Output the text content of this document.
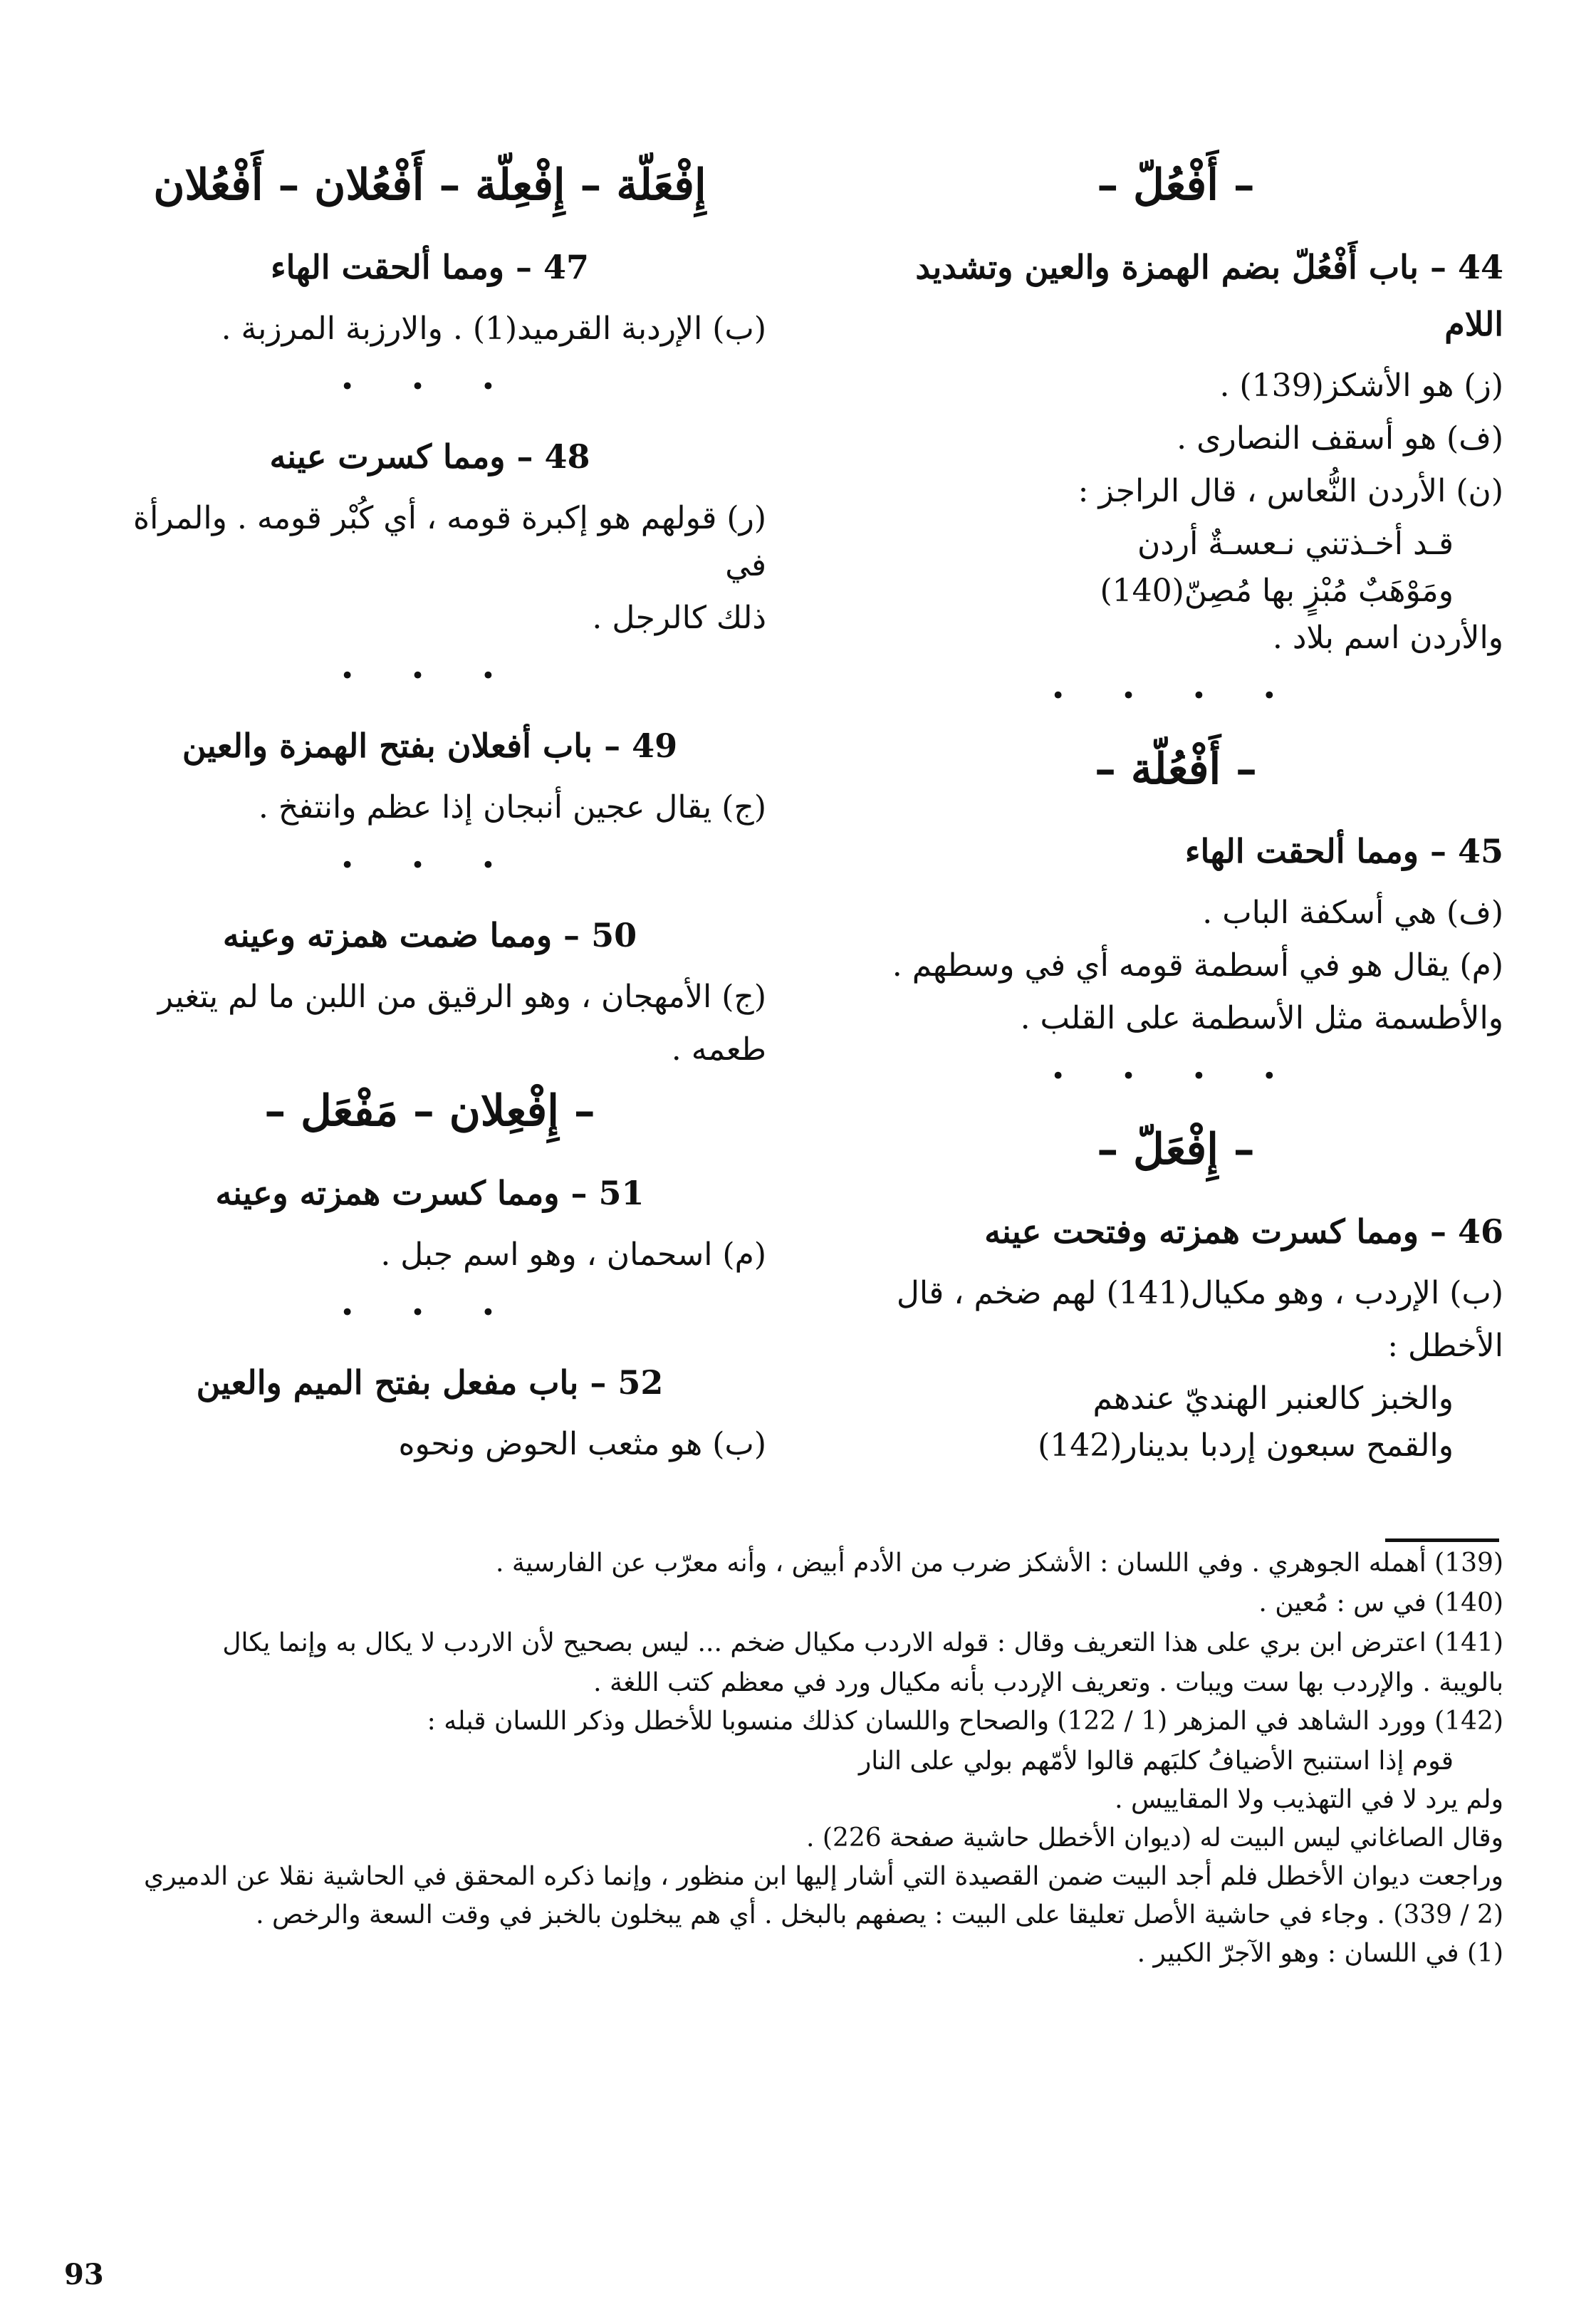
– أَفْعُلّ –
44 – باب أَفْعُلّ بضم الهمزة والعين وتشديد اللام
(ز) هو الأشكز(139) .
(ف) هو أسقف النصارى .
(ن) الأردن النُّعاس ، قال الراجز :
قـد أخـذتني نـعسـةٌ أردن
ومَوْهَبٌ مُبْزٍ بها مُصِنّ(140)
والأردن اسم بلاد .
• • • •
– أَفْعُلّة –
45 – ومما ألحقت الهاء
(ف) هي أسكفة الباب .
(م) يقال هو في أسطمة قومه أي في وسطهم .
والأطسمة مثل الأسطمة على القلب .
• • • •
– إِفْعَلّ –
46 – ومما كسرت همزته وفتحت عينه
(ب) الإردب ، وهو مكيال(141) لهم ضخم ، قال
الأخطل :
والخبز كالعنبر الهنديّ عندهم
والقمح سبعون إردبا بدينار(142)
إِفْعَلّة – إِفْعِلّة – أَفْعُلان – أَفْعُلان
47 – ومما ألحقت الهاء
(ب) الإردبة القرميد(1) . والارزبة المرزبة .
• • •
48 – ومما كسرت عينه
(ر) قولهم هو إكبرة قومه ، أي كُبْر قومه . والمرأة في
ذلك كالرجل .
• • •
49 – باب أفعلان بفتح الهمزة والعين
(ج) يقال عجين أنبجان إذا عظم وانتفخ .
• • •
50 – ومما ضمت همزته وعينه
(ج) الأمهجان ، وهو الرقيق من اللبن ما لم يتغير
طعمه .
– إِفْعِلان – مَفْعَل –
51 – ومما كسرت همزته وعينه
(م) اسحمان ، وهو اسم جبل .
• • •
52 – باب مفعل بفتح الميم والعين
(ب) هو مثعب الحوض ونحوه
(139) أهمله الجوهري . وفي اللسان : الأشكز ضرب من الأدم أبيض ، وأنه معرّب عن الفارسية .
(140) في س : مُعين .
(141) اعترض ابن بري على هذا التعريف وقال : قوله الاردب مكيال ضخم ... ليس بصحيح لأن الاردب لا يكال به وإنما يكال
بالويبة . والإردب بها ست ويبات . وتعريف الإردب بأنه مكيال ورد في معظم كتب اللغة .
(142) وورد الشاهد في المزهر (1 / 122) والصحاح واللسان كذلك منسوبا للأخطل وذكر اللسان قبله :
قوم إذا استنبح الأضيافُ كلبَهم قالوا لأمّهم بولي على النار
ولم يرد لا في التهذيب ولا المقاييس .
وقال الصاغاني ليس البيت له (ديوان الأخطل حاشية صفحة 226) .
وراجعت ديوان الأخطل فلم أجد البيت ضمن القصيدة التي أشار إليها ابن منظور ، وإنما ذكره المحقق في الحاشية نقلا عن الدميري
(2 / 339) . وجاء في حاشية الأصل تعليقا على البيت : يصفهم بالبخل . أي هم يبخلون بالخبز في وقت السعة والرخص .
(1) في اللسان : وهو الآجرّ الكبير .
93
